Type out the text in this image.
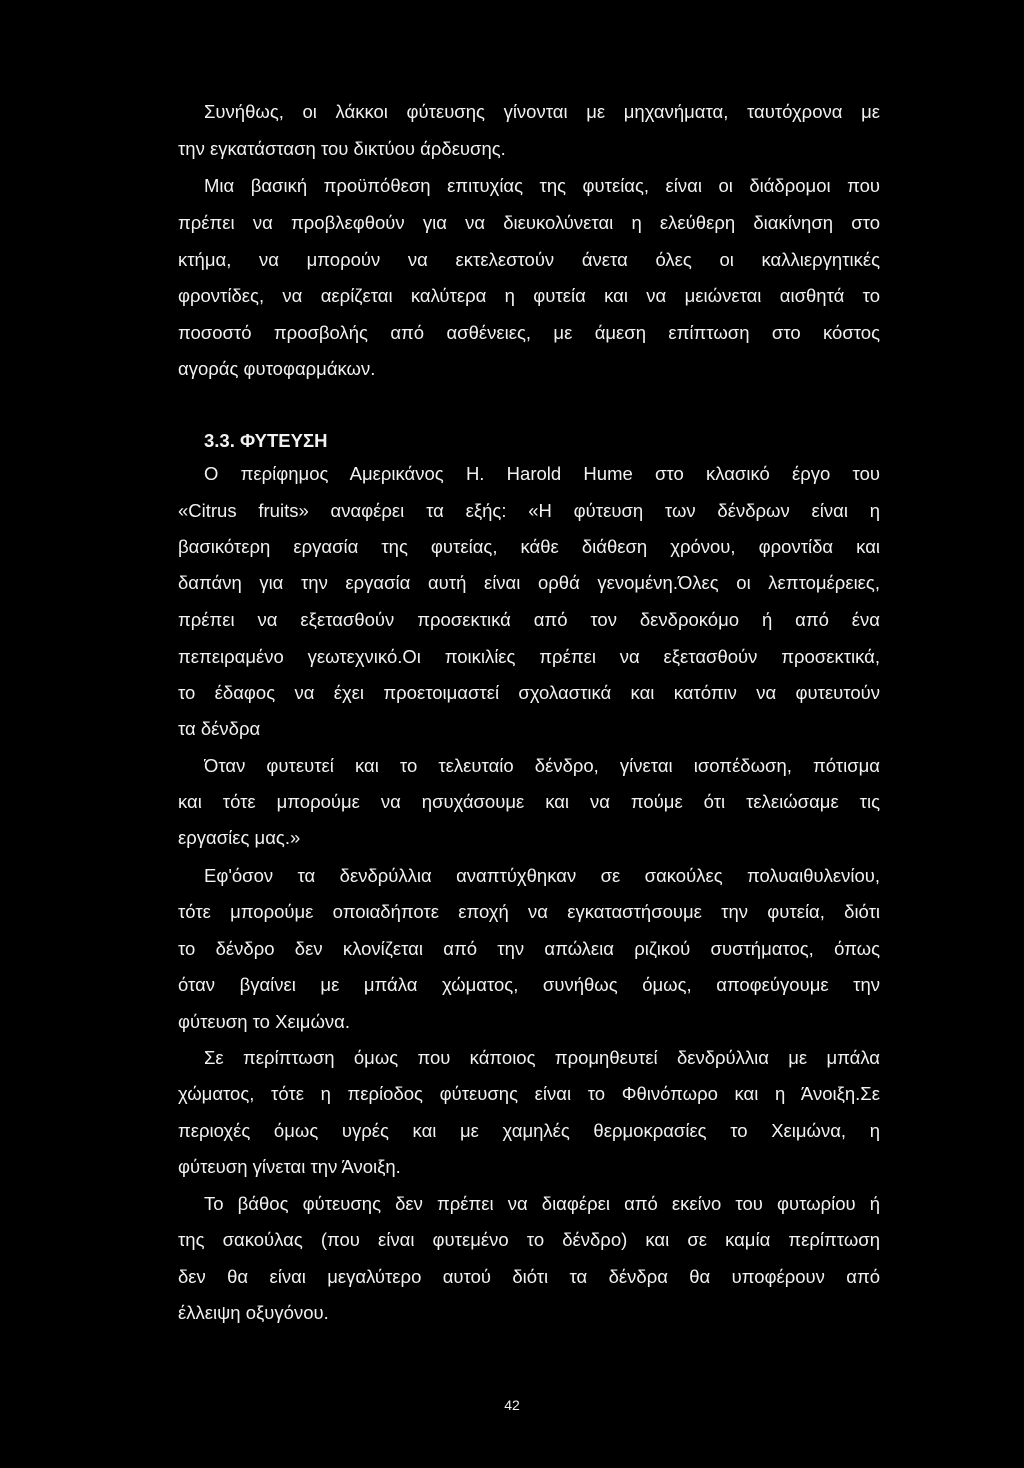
Συνήθως, οι λάκκοι φύτευσης γίνονται με μηχανήματα, ταυτόχρονα με
την εγκατάσταση του δικτύου άρδευσης.
Μια βασική προϋπόθεση επιτυχίας της φυτείας, είναι οι διάδρομοι που
πρέπει να προβλεφθούν για να διευκολύνεται η ελεύθερη διακίνηση στο
κτήμα, να μπορούν να εκτελεστούν άνετα όλες οι καλλιεργητικές
φροντίδες, να αερίζεται καλύτερα η φυτεία και να μειώνεται αισθητά το
ποσοστό προσβολής από ασθένειες, με άμεση επίπτωση στο κόστος
αγοράς φυτοφαρμάκων.
3.3. ΦΥΤΕΥΣΗ
Ο περίφημος Αμερικάνος Η. Harold Hume στο κλασικό έργο του
«Citrus fruits» αναφέρει τα εξής: «Η φύτευση των δένδρων είναι η
βασικότερη εργασία της φυτείας, κάθε διάθεση χρόνου, φροντίδα και
δαπάνη για την εργασία αυτή είναι ορθά γενομένη.Όλες οι λεπτομέρειες,
πρέπει να εξετασθούν προσεκτικά από τον δενδροκόμο ή από ένα
πεπειραμένο γεωτεχνικό.Οι ποικιλίες πρέπει να εξετασθούν προσεκτικά,
το έδαφος να έχει προετοιμαστεί σχολαστικά και κατόπιν να φυτευτούν
τα δένδρα
Όταν φυτευτεί και το τελευταίο δένδρο, γίνεται ισοπέδωση, πότισμα
και τότε μπορούμε να ησυχάσουμε και να πούμε ότι τελειώσαμε τις
εργασίες μας.»
Εφ'όσον τα δενδρύλλια αναπτύχθηκαν σε σακούλες πολυαιθυλενίου,
τότε μπορούμε οποιαδήποτε εποχή να εγκαταστήσουμε την φυτεία, διότι
το δένδρο δεν κλονίζεται από την απώλεια ριζικού συστήματος, όπως
όταν βγαίνει με μπάλα χώματος, συνήθως όμως, αποφεύγουμε την
φύτευση το Χειμώνα.
Σε περίπτωση όμως που κάποιος προμηθευτεί δενδρύλλια με μπάλα
χώματος, τότε η περίοδος φύτευσης είναι το Φθινόπωρο και η Άνοιξη.Σε
περιοχές όμως υγρές και με χαμηλές θερμοκρασίες το Χειμώνα, η
φύτευση γίνεται την Άνοιξη.
Το βάθος φύτευσης δεν πρέπει να διαφέρει από εκείνο του φυτωρίου ή
της σακούλας (που είναι φυτεμένο το δένδρο) και σε καμία περίπτωση
δεν θα είναι μεγαλύτερο αυτού διότι τα δένδρα θα υποφέρουν από
έλλειψη οξυγόνου.
42
